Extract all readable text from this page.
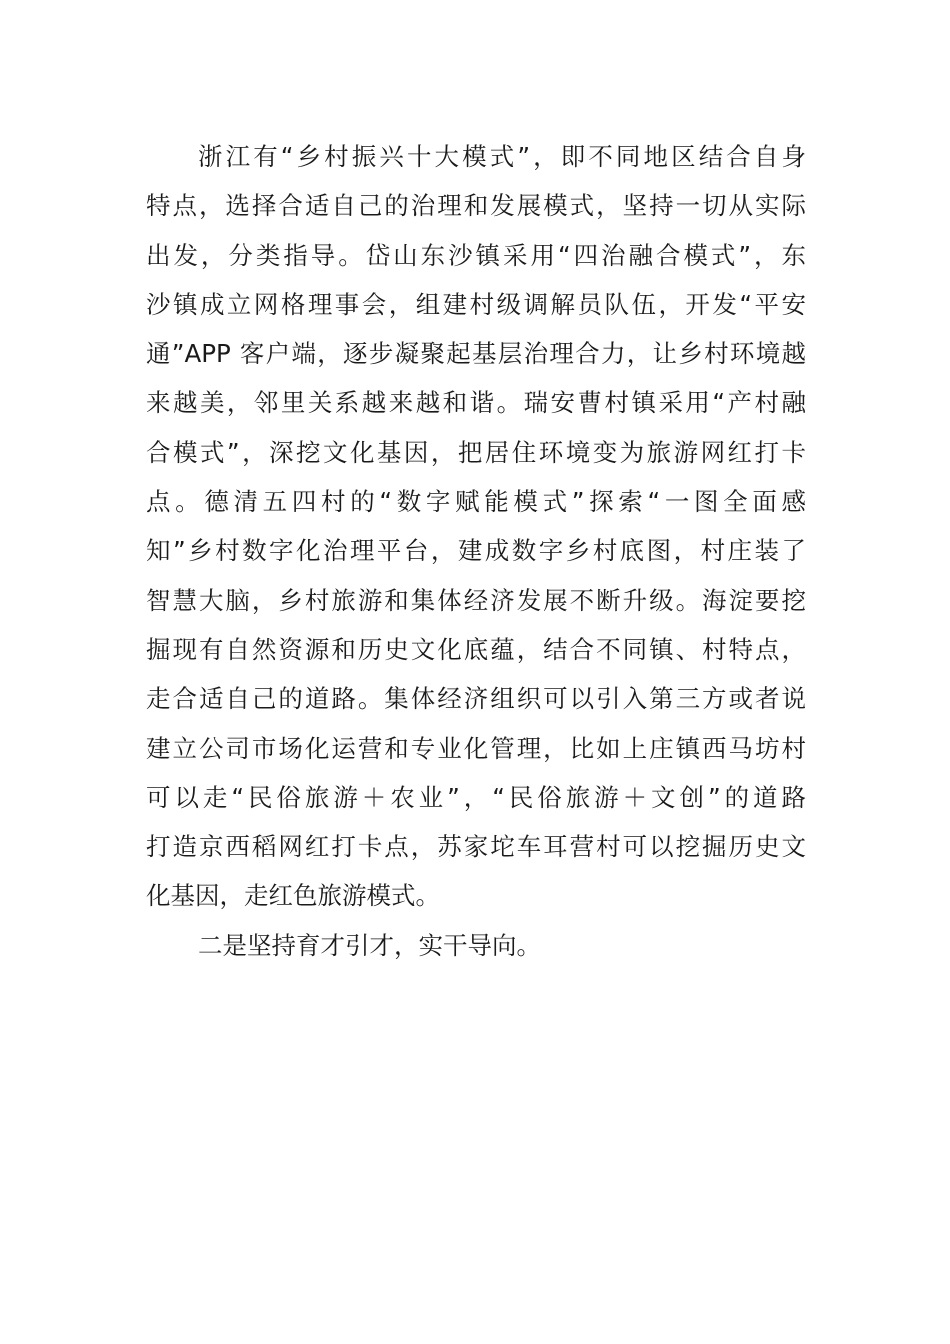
浙江有“乡村振兴十大模式”，即不同地区结合自身
特点，选择合适自己的治理和发展模式，坚持一切从实际
出发，分类指导。岱山东沙镇采用“四治融合模式”，东
沙镇成立网格理事会，组建村级调解员队伍，开发“平安
通”APP 客户端，逐步凝聚起基层治理合力，让乡村环境越
来越美，邻里关系越来越和谐。瑞安曹村镇采用“产村融
合模式”，深挖文化基因，把居住环境变为旅游网红打卡
点。德清五四村的“数字赋能模式”探索“一图全面感
知”乡村数字化治理平台，建成数字乡村底图，村庄装了
智慧大脑，乡村旅游和集体经济发展不断升级。海淀要挖
掘现有自然资源和历史文化底蕴，结合不同镇、村特点，
走合适自己的道路。集体经济组织可以引入第三方或者说
建立公司市场化运营和专业化管理，比如上庄镇西马坊村
可以走“民俗旅游＋农业”，“民俗旅游＋文创”的道路
打造京西稻网红打卡点，苏家坨车耳营村可以挖掘历史文
化基因，走红色旅游模式。
二是坚持育才引才，实干导向。
